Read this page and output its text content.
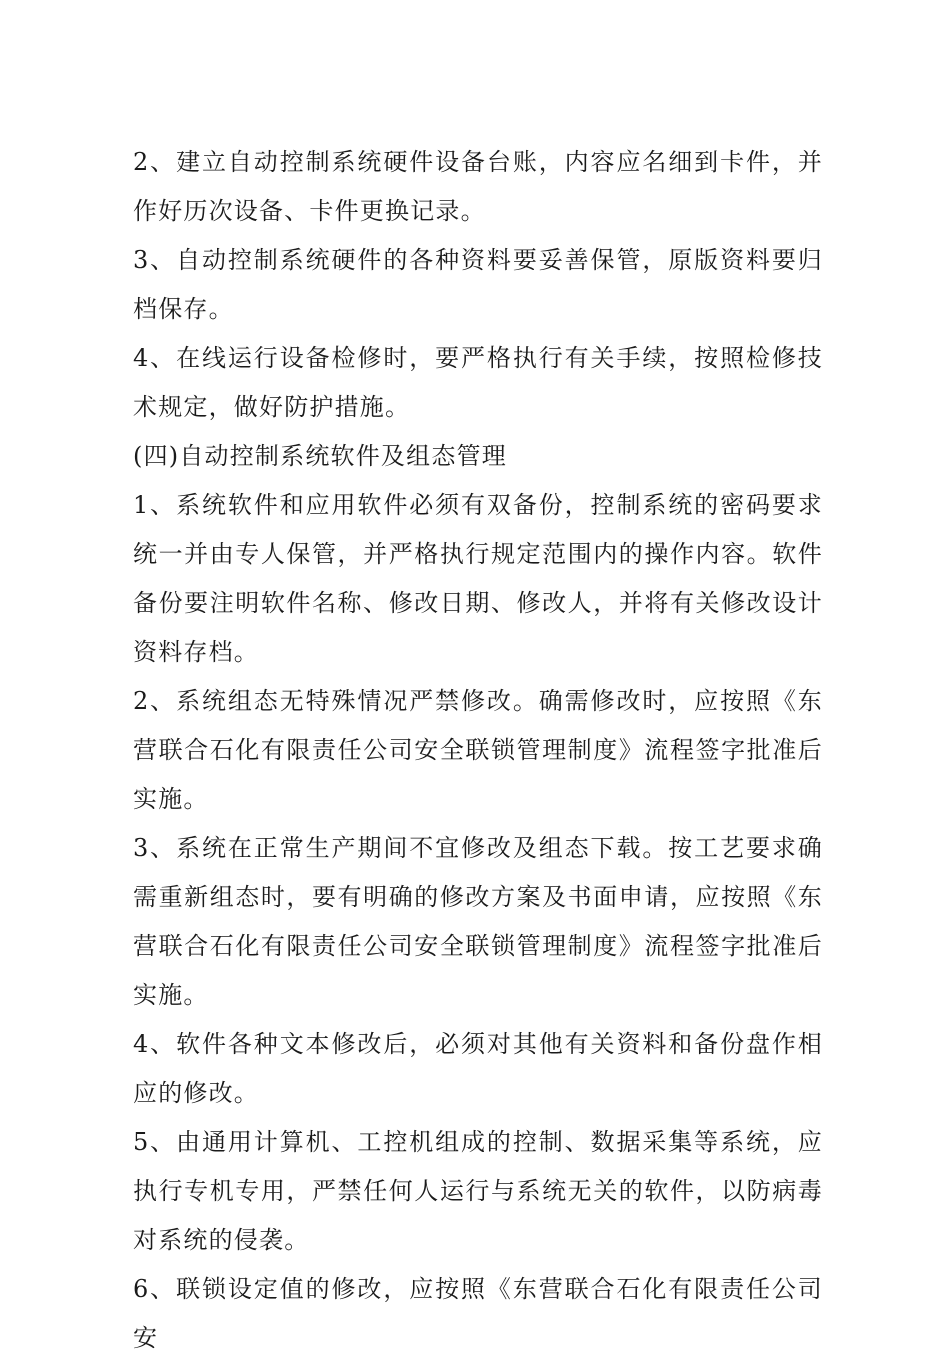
2、建立自动控制系统硬件设备台账，内容应名细到卡件，并作好历次设备、卡件更换记录。

3、自动控制系统硬件的各种资料要妥善保管，原版资料要归档保存。

4、在线运行设备检修时，要严格执行有关手续，按照检修技术规定，做好防护措施。

(四)自动控制系统软件及组态管理

1、系统软件和应用软件必须有双备份，控制系统的密码要求统一并由专人保管，并严格执行规定范围内的操作内容。软件备份要注明软件名称、修改日期、修改人，并将有关修改设计资料存档。

2、系统组态无特殊情况严禁修改。确需修改时，应按照《东营联合石化有限责任公司安全联锁管理制度》流程签字批准后实施。

3、系统在正常生产期间不宜修改及组态下载。按工艺要求确需重新组态时，要有明确的修改方案及书面申请，应按照《东营联合石化有限责任公司安全联锁管理制度》流程签字批准后实施。

4、软件各种文本修改后，必须对其他有关资料和备份盘作相应的修改。

5、由通用计算机、工控机组成的控制、数据采集等系统，应执行专机专用，严禁任何人运行与系统无关的软件，以防病毒对系统的侵袭。

6、联锁设定值的修改，应按照《东营联合石化有限责任公司安
